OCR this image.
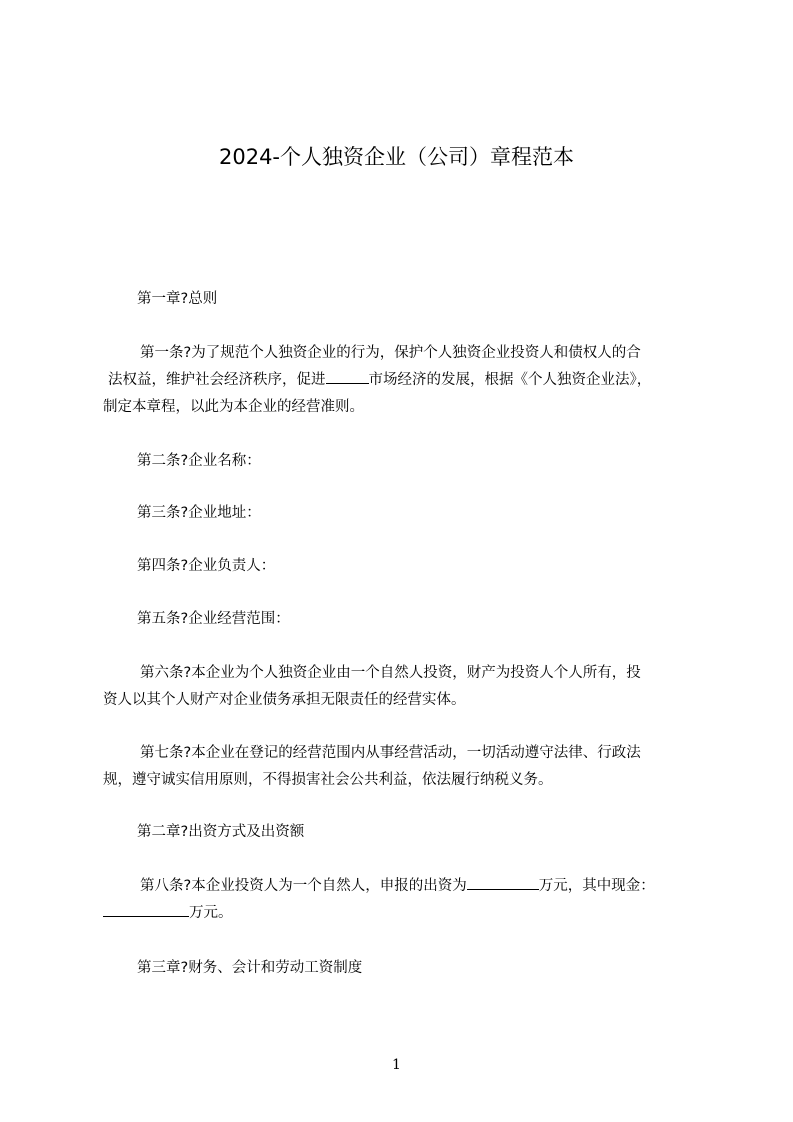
2024-个人独资企业（公司）章程范本

第一章?总则

第一条?为了规范个人独资企业的行为，保护个人独资企业投资人和债权人的合

法权益，维护社会经济秩序，促进	市场经济的发展，根据《个人独资企业法》，

制定本章程，以此为本企业的经营准则。

第二条?企业名称：

第三条?企业地址：

第四条?企业负责人：

第五条?企业经营范围：

第六条?本企业为个人独资企业由一个自然人投资，财产为投资人个人所有，投

资人以其个人财产对企业债务承担无限责任的经营实体。

第七条?本企业在登记的经营范围内从事经营活动，一切活动遵守法律、行政法

规，遵守诚实信用原则，不得损害社会公共利益，依法履行纳税义务。

第二章?出资方式及出资额

第八条?本企业投资人为一个自然人，申报的出资为	万元，其中现金：

万元。

第三章?财务、会计和劳动工资制度

1
